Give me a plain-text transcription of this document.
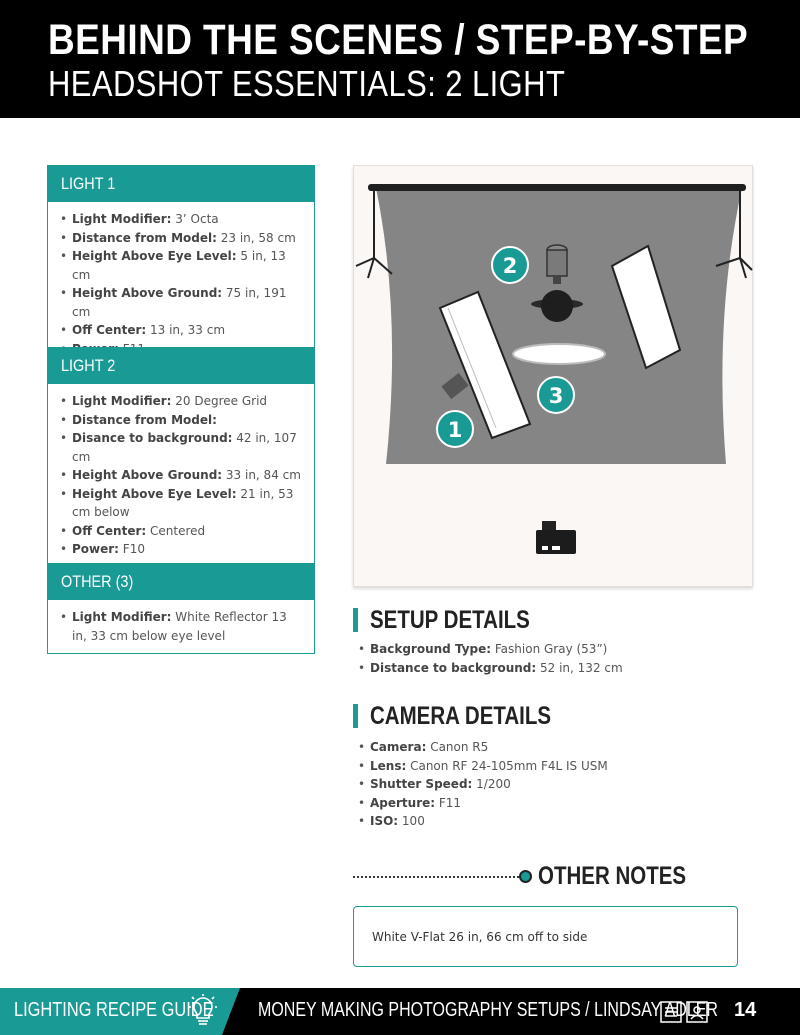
BEHIND THE SCENES / STEP-BY-STEP
HEADSHOT ESSENTIALS: 2 LIGHT
LIGHT 1
• Light Modifier: 3’ Octa
• Distance from Model: 23 in, 58 cm
• Height Above Eye Level: 5 in, 13 cm
• Height Above Ground: 75 in, 191 cm
• Off Center: 13 in, 33 cm
•
LIGHT 2
• Light Modifier: 20 Degree Grid
• Distance from Model:
• Disance to background: 42 in, 107 cm
• Height Above Ground: 33 in, 84 cm
• Height Above Eye Level: 21 in, 53 cm below
• Off Center: Centered
• Power: F10
OTHER (3)
• Light Modifier: White Reflector 13 in, 33 cm below eye level
1
2
3
SETUP DETAILS
• Background Type: Fashion Gray (53”)
• Distance to background: 52 in, 132 cm
CAMERA DETAILS
• Camera: Canon R5
• Lens: Canon RF 24-105mm F4L IS USM
• Shutter Speed: 1/200
• Aperture: F11
• ISO: 100
OTHER NOTES
White V-Flat 26 in, 66 cm off to side
LIGHTING RECIPE GUIDE MONEY MAKING PHOTOGRAPHY SETUPS / LINDSAY ADLER 14
